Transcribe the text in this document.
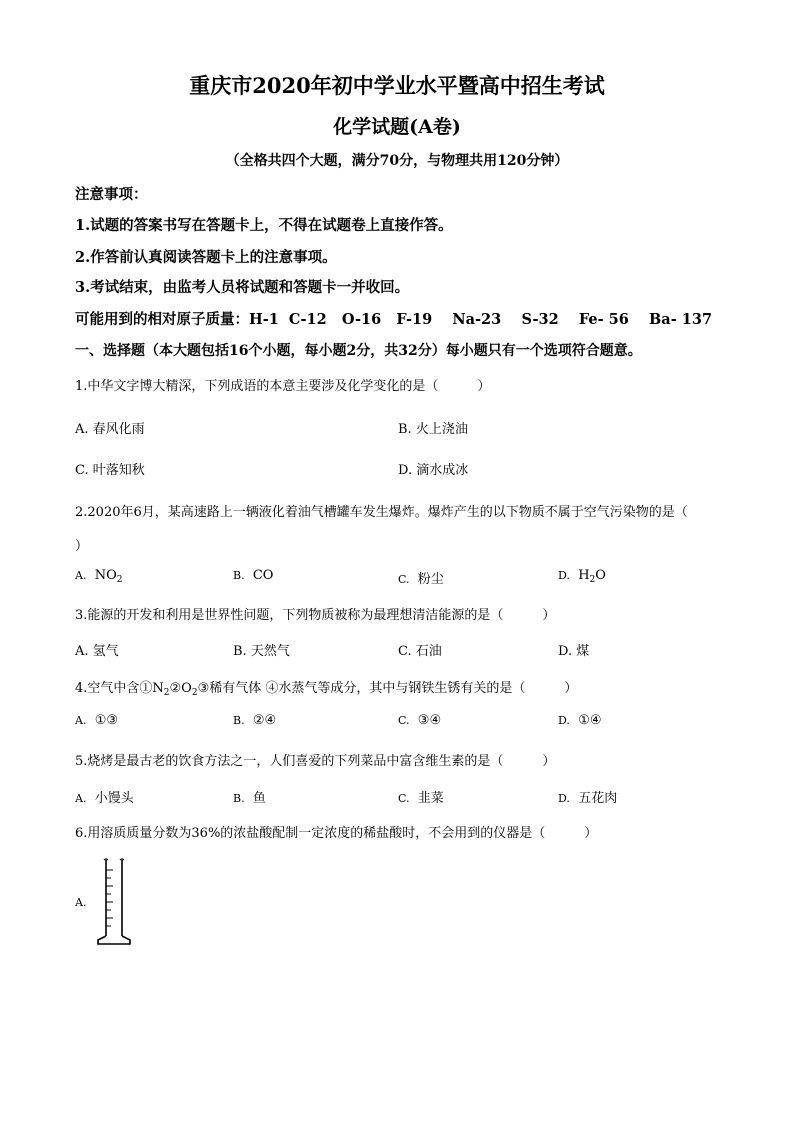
重庆市2020年初中学业水平暨高中招生考试
化学试题(A卷)
（全格共四个大题，满分70分，与物理共用120分钟）
注意事项：
1.试题的答案书写在答题卡上，不得在试题卷上直接作答。
2.作答前认真阅读答题卡上的注意事项。
3.考试结束，由监考人员将试题和答题卡一并收回。
可能用到的相对原子质量：H-1 C-12 O-16 F-19 Na-23 S-32 Fe- 56 Ba- 137
一、选择题（本大题包括16个小题，每小题2分，共32分）每小题只有一个选项符合题意。
1.中华文字博大精深，下列成语的本意主要涉及化学变化的是（　　　）
A. 春风化雨	B. 火上浇油
C. 叶落知秋	D. 滴水成冰
2.2020年6月，某高速路上一辆液化着油气槽罐车发生爆炸。爆炸产生的以下物质不属于空气污染物的是（
）
A. $NO_2$	B. CO	C. 粉尘	D. $H_2O$
3.能源的开发和利用是世界性问题，下列物质被称为最理想清洁能源的是（　　　）
A. 氢气	B. 天然气	C. 石油	D. 煤
4.空气中含$①N_2②O_2③$稀有气体 ④水蒸气等成分，其中与钢铁生锈有关的是（　　　）
A. ①③	B. ②④	C. ③④	D. ①④
5.烧烤是最古老的饮食方法之一，人们喜爱的下列菜品中富含维生素的是（　　　）
A. 小馒头	B. 鱼	C. 韭菜	D. 五花肉
6.用溶质质量分数为36%的浓盐酸配制一定浓度的稀盐酸时，不会用到的仪器是（　　　）
A.
